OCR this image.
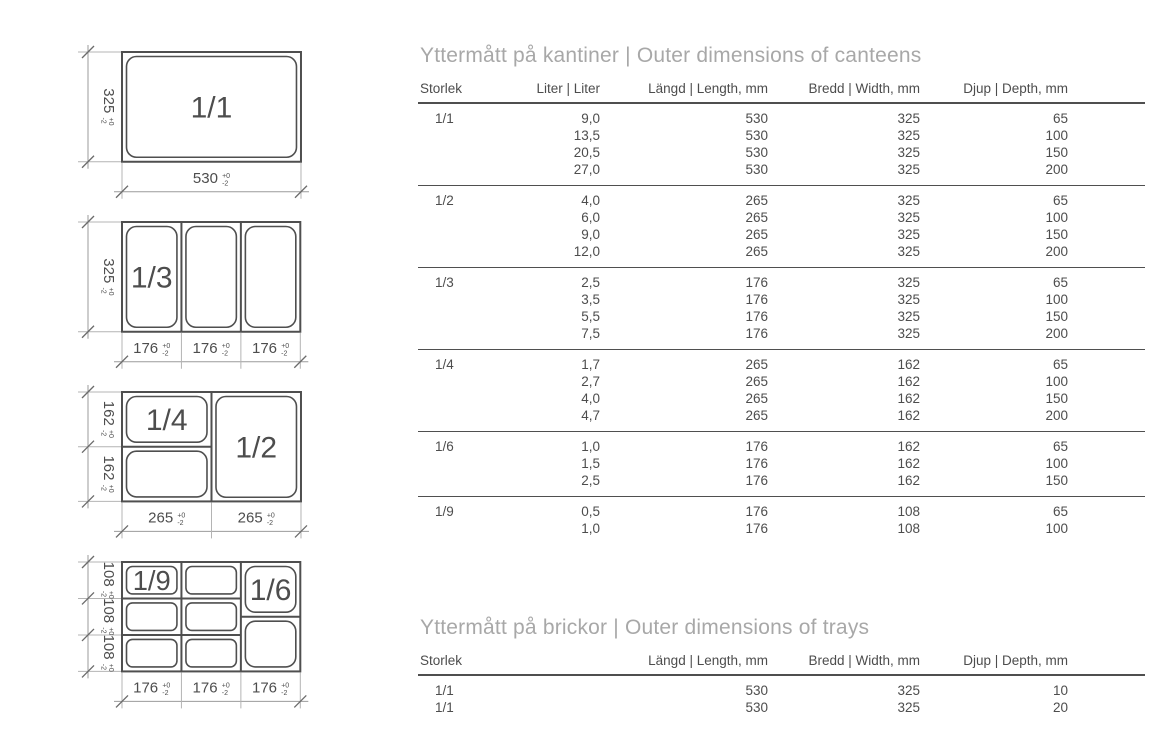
1/1
325 $^{+0}$-2
530 $^{+0}$ -2
1/3
325 $^{+0}$-2
176 $^{+0}$ -2 176 $^{+0}$ -2 176 $^{+0}$ -2
1/4
1/2
162 $^{+0}$-2
162 $^{+0}$-2
265 $^{+0}$ -2	265 $^{+0}$ -2
1/9	1/6
108 $^{+0}$-2
108 $^{+0}$-2
108 $^{+0}$-2
176 $^{+0}$ -2 176 $^{+0}$ -2 176 $^{+0}$ -2
Yttermått på kantiner | Outer dimensions of canteens
Storlek	Liter | Liter	Längd | Length, mm	Bredd | Width, mm	Djup | Depth, mm	
1/1	9,0	530	325	65	
	13,5	530	325	100	
	20,5	530	325	150	
	27,0	530	325	200	
1/2	4,0	265	325	65	
	6,0	265	325	100	
	9,0	265	325	150	
	12,0	265	325	200	
1/3	2,5	176	325	65	
	3,5	176	325	100	
	5,5	176	325	150	
	7,5	176	325	200	
1/4	1,7	265	162	65	
	2,7	265	162	100	
	4,0	265	162	150	
	4,7	265	162	200	
1/6	1,0	176	162	65	
	1,5	176	162	100	
	2,5	176	162	150	
1/9	0,5	176	108	65	
	1,0	176	108	100	
Yttermått på brickor | Outer dimensions of trays
Storlek	Längd | Length, mm	Bredd | Width, mm	Djup | Depth, mm	
1/1	530	325	10	
1/1	530	325	20	
